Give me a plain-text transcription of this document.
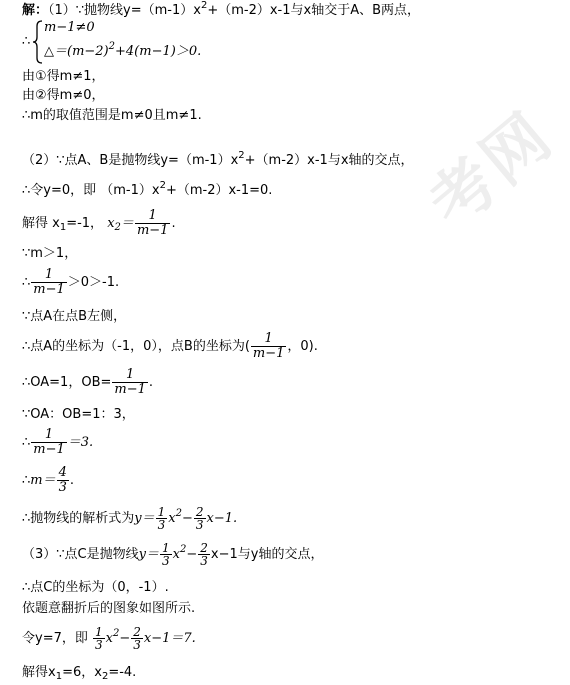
考网
解：（1）∵抛物线$y=(m-1)x^2+(m-2)x-1$与x轴交于A、B两点，
∴
m−1≠0
$\triangle=(m-2)^2+4(m-1)>0$.
由①得m≠1，
由②得m≠0，
∴m的取值范围是m≠0且m≠1.
（2）∵点A、B是抛物线$y=(m-1)x^2+(m-2)x-1$与x轴的交点，
∴令y=0，即 $(m-1)x^2+(m-2)x-1=0$.
解得 $x_1=-1$， $x_2= \frac{1}{m-1}$ .
∵m＞1，
∴ $\frac{1}{m-1} >0>-1$.
∵点A在点B左侧，
∴点A的坐标为（-1，0），点B的坐标为( $\frac{1}{m-1}$ ，0).
∴OA=1，$OB= \frac{1}{m-1}$ .
∵OA：OB=1：3，
∴ $\frac{1}{m-1} =3$.
∴m＝ $\frac{4}{3}$ .
∴抛物线的解析式为$y= \frac{1}{3} x^2- \frac{2}{3} x-1$.
（3）∵点C是抛物线$y= \frac{1}{3} x^2- \frac{2}{3} x-1$与y轴的交点，
∴点C的坐标为（0，-1）.
依题意翻折后的图象如图所示.
令y=7，即 $\frac{1}{3} x^2- \frac{2}{3} x-1=7$.
解得$x_1=6$，$x_2=-4$.
